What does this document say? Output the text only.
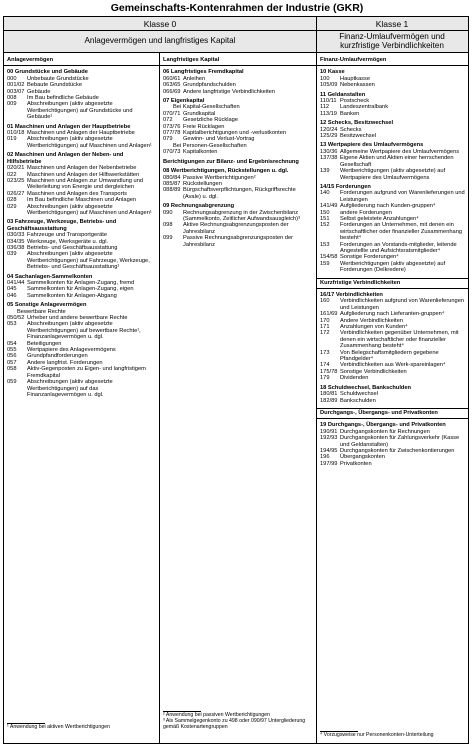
Gemeinschafts-Kontenrahmen der Industrie (GKR)
Klasse 0	Klasse 1
Anlagevermögen und langfristiges Kapital	Finanz-Umlaufvermögen und kurzfristige Verbindlichkeiten
Anlagevermögen
00 Grundstücke und Gebäude
000	Unbebaute Grundstücke
001/02 Bebaute Grundstücke
003/07 Gebäude
008	Im Bau befindliche Gebäude
009	Abschreibungen (aktiv abgesetzte Wertberichtigungen) auf Grundstücke und Gebäude¹
01 Maschinen und Anlagen der Hauptbetriebe
010/18 Maschinen und Anlagen der Hauptbetriebe
019	Abschreibungen (aktiv abgesetzte Wertberichtigungen) auf Maschinen und Anlagen¹
02 Maschinen und Anlagen der Neben- und Hilfsbetriebe
020/21 Maschinen und Anlagen der Nebenbetriebe
022	Maschinen und Anlagen der Hilfswerkstätten
023/25 Maschinen und Anlagen zur Umwandlung und Weiterleitung von Energie und dergleichen
026/27 Maschinen und Anlagen des Transports
028	Im Bau befindliche Maschinen und Anlagen
029	Abschreibungen (aktiv abgesetzte Wertberichtigungen) auf Maschinen und Anlagen¹
03 Fahrzeuge, Werkzeuge, Betriebs- und Geschäftsausstattung
030/33 Fahrzeuge und Transportgeräte
034/35 Werkzeuge, Werksgeräte u. dgl.
036/38 Betriebs- und Geschäftsausstattung
039	Abschreibungen (aktiv abgesetzte Wertberichtigungen) auf Fahrzeuge, Werkzeuge, Betriebs- und Geschäftsausstattung¹
04 Sachanlagen-Sammelkonten
041/44 Sammelkonten für Anlagen-Zugang, fremd
045	Sammelkonten für Anlagen-Zugang, eigen
046	Sammelkonten für Anlagen-Abgang
05 Sonstige Anlagevermögen
Bewertbare Rechte
050/52 Urheber und andere bewertbare Rechte
053	Abschreibungen (aktiv abgesetzte Wertberichtigungen) auf bewertbare Rechte¹, Finanzanlagevermögen u. dgl.
054	Beteiligungen
055	Wertpapiere des Anlagevermögens
056	Grundpfandforderungen
057	Andere langfrist. Forderungen
058	Aktiv-Gegenposten zu Eigen- und langfristigem Fremdkapital
059	Abschreibungen (aktiv abgesetzte Wertberichtigungen) auf das Finanzanlagevermögen u. dgl.
Langfristiges Kapital
06 Langfristiges Fremdkapital
060/61 Anleihen
063/65 Grundpfandschulden
066/69 Andere langfristige Verbindlichkeiten
07 Eigenkapital
Bei Kapital-Gesellschaften
070/71 Grundkapital
072	Gesetzliche Rücklage
073/76 Freie Rücklagen
077/78 Kapitalberichtigungen und -verlustkonten
079	Gewinn- und Verlust-Vortrag
Bei Personen-Gesellschaften
070/73 Kapitalkonten
Berichtigungen zur Bilanz- und Ergebnisrechnung
08 Wertberichtigungen, Rückstellungen u. dgl.
080/84 Passive Wertberichtigungen²
085/87 Rückstellungen
088/89 Bürgschaftsverpflichtungen, Rückgriffsrechte (Avale) u. dgl.
09 Rechnungsabgrenzung
090	Rechnungsabgrenzung in der Zwischenbilanz (Sammelkonto, Zeitlicher Aufwandsausgleich)³
098	Aktive Rechnungsabgrenzungsposten der Jahresbilanz
099	Passive Rechnungsabgrenzungsposten der Jahresbilanz
Finanz-Umlaufvermögen
10 Kasse
100	Hauptkasse
105/09 Nebenkassen
11 Geldanstalten
110/11 Postscheck
112	Landeszentralbank
113/19 Banken
12 Schecks, Besitzwechsel
120/24 Schecks
125/29 Besitzwechsel
13 Wertpapiere des Umlaufvermögens
130/36 Allgemeine Wertpapiere des Umlaufvermögens
137/38 Eigene Aktien und Aktien einer herrschenden Gesellschaft
139	Wertberichtigungen (aktiv abgesetzte) auf Wertpapiere des Umlaufvermögens
14/15 Forderungen
140	Forderungen aufgrund von Warenlieferungen und Leistungen
141/49 Aufgliederung nach Kunden-gruppen⁴
150	andere Forderungen
151	Selbst geleistete Anzahlungen⁴
152	Forderungen an Unternehmen, mit denen ein wirtschaftlicher oder finanzieller Zusammenhang besteht⁴
153	Forderungen an Vorstands-mitglieder, leitende Angestellte und Aufsichtsratsmitglieder⁴
154/58 Sonstige Forderungen⁴
159	Wertberichtigungen (aktiv abgesetzte) auf Forderungen (Delkredere)
Kurzfristige Verbindlichkeiten
16/17 Verbindlichkeiten
160	Verbindlichkeiten aufgrund von Warenlieferungen und Leistungen
161/69 Aufgliederung nach Lieferanten-gruppen⁴
170	Andere Verbindlichkeiten
171	Anzahlungen von Kunden⁴
172	Verbindlichkeiten gegenüber Unternehmen, mit denen ein wirtschaftlicher oder finanzieller Zusammenhang besteht⁴
173	Von Belegschaftsmitgliedern gegebene Pfandgelder⁴
174	Verbindlichkeiten aus Werk-spareinlagen⁴
175/78 Sonstige Verbindlichkeiten
179	Dividenden
18 Schuldwechsel, Bankschulden
180/81 Schuldwechsel
182/89 Bankschulden
Durchgangs-, Übergangs- und Privatkonten
19 Durchgangs-, Übergangs- und Privatkonten
190/91 Durchgangskonten für Rechnungen
192/93 Durchgangskonten für Zahlungsverkehr (Kasse und Geldanstalten)
194/95 Durchgangskonten für Zwischenkontierungen
196	Übergangskonten
197/99 Privatkonten
¹ Anwendung bei aktiven Wertberichtigungen
² Anwendung bei passiven Wertberichtigungen
³ Als Sammelgegenkonto zu 498 oder 090/97 Untergliederung gemäß Kostenartengruppen
⁴ Vorzugsweise nur Personenkonten-Unterteilung
